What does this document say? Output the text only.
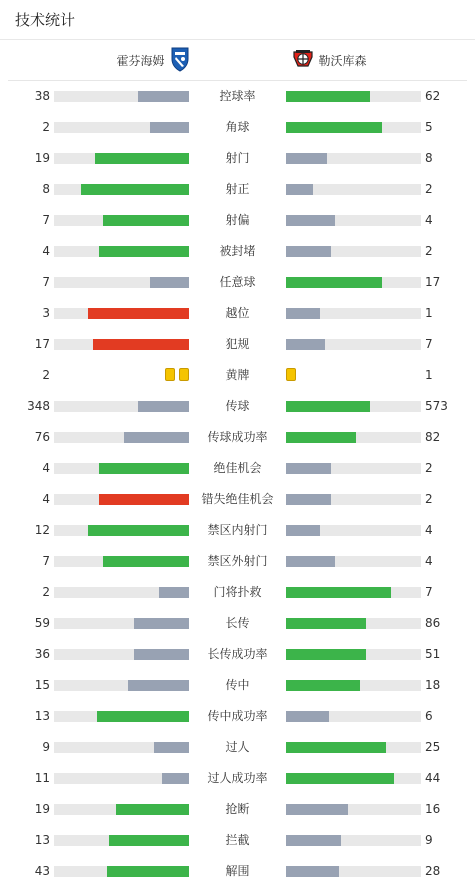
技术统计
霍芬海姆	勒沃库森
38	控球率	62
2	角球	5
19	射门	8
8	射正	2
7	射偏	4
4	被封堵	2
7	任意球	17
3	越位	1
17	犯规	7
2	黄牌	1
348	传球	573
76	传球成功率	82
4	绝佳机会	2
4	错失绝佳机会	2
12	禁区内射门	4
7	禁区外射门	4
2	门将扑救	7
59	长传	86
36	长传成功率	51
15	传中	18
13	传中成功率	6
9	过人	25
11	过人成功率	44
19	抢断	16
13	拦截	9
43	解围	28
